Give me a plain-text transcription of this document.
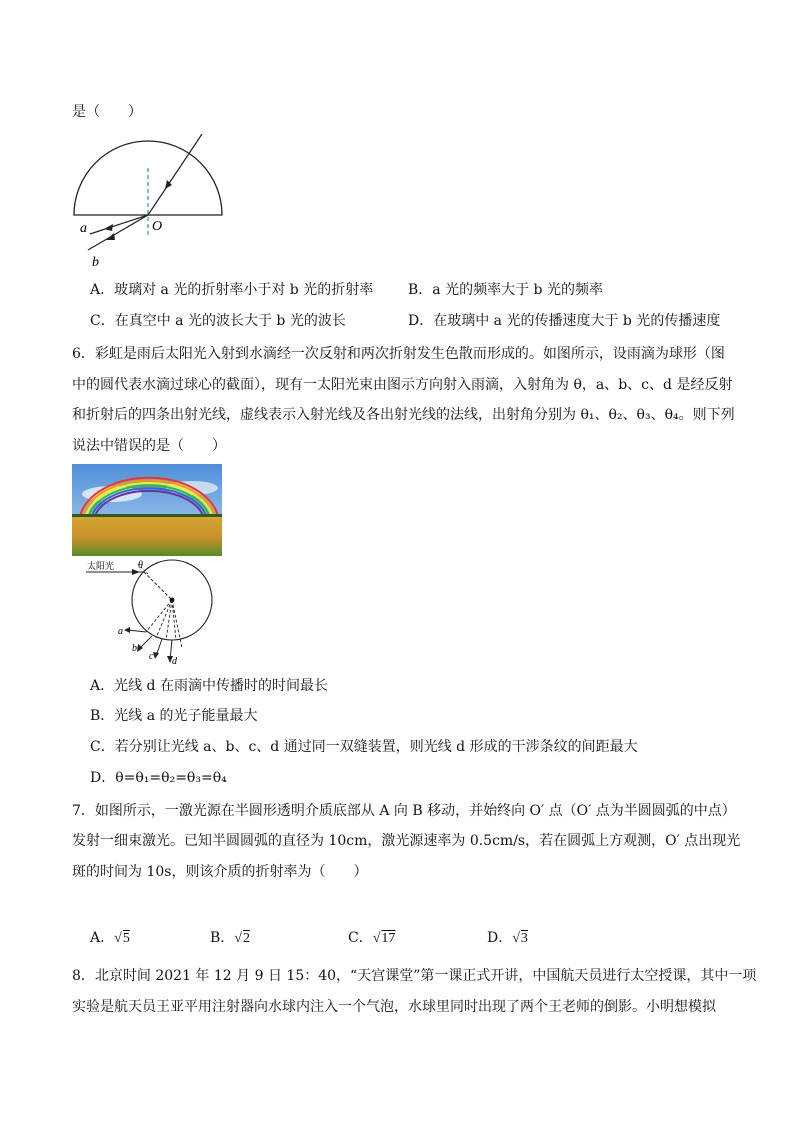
是（　　）
a
b
O
A．玻璃对 a 光的折射率小于对 b 光的折射率 B．a 光的频率大于 b 光的频率
C．在真空中 a 光的波长大于 b 光的波长	D．在玻璃中 a 光的传播速度大于 b 光的传播速度
6．彩虹是雨后太阳光入射到水滴经一次反射和两次折射发生色散而形成的。如图所示，设雨滴为球形（图
中的圆代表水滴过球心的截面），现有一太阳光束由图示方向射入雨滴，入射角为 θ，a、b、c、d 是经反射
和折射后的四条出射光线，虚线表示入射光线及各出射光线的法线，出射角分别为 θ₁、θ₂、θ₃、θ₄。则下列
说法中错误的是（　　）
太阳光 θ
a
b
c d
A．光线 d 在雨滴中传播时的时间最长
B．光线 a 的光子能量最大
C．若分别让光线 a、b、c、d 通过同一双缝装置，则光线 d 形成的干涉条纹的间距最大
D．θ=θ₁=θ₂=θ₃=θ₄
7．如图所示，一激光源在半圆形透明介质底部从 A 向 B 移动，并始终向 O′ 点（O′ 点为半圆圆弧的中点）
发射一细束激光。已知半圆圆弧的直径为 10cm，激光源速率为 0.5cm/s，若在圆弧上方观测，O′ 点出现光
斑的时间为 10s，则该介质的折射率为（　　）
A．√5	B．√2	C．√17	D．√3
8．北京时间 2021 年 12 月 9 日 15：40，“天宫课堂”第一课正式开讲，中国航天员进行太空授课，其中一项
实验是航天员王亚平用注射器向水球内注入一个气泡，水球里同时出现了两个王老师的倒影。小明想模拟
